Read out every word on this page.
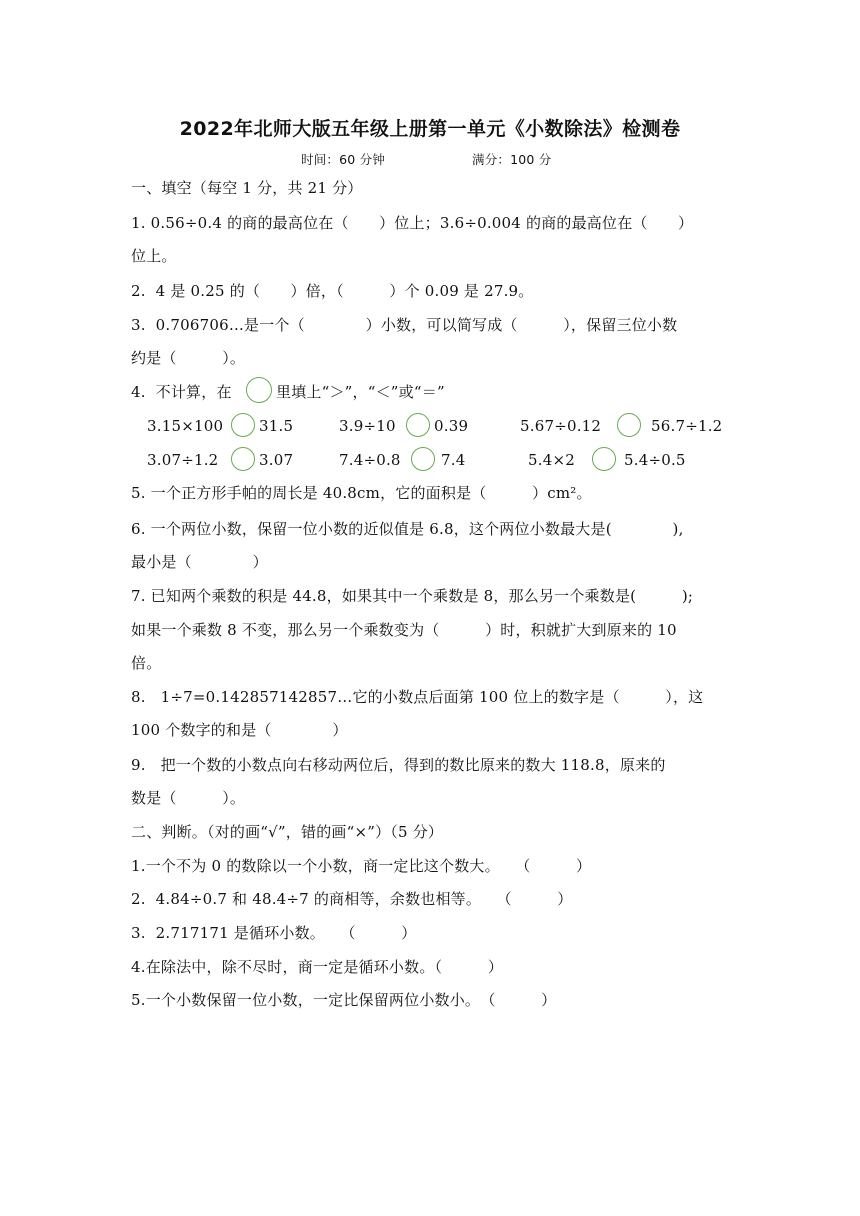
2022年北师大版五年级上册第一单元《小数除法》检测卷
时间：60 分钟	满分：100 分
一、填空（每空 1 分，共 21 分）
1. 0.56÷0.4 的商的最高位在（　　）位上；3.6÷0.004 的商的最高位在（　　）
位上。
2.  4 是 0.25 的（　　）倍，（　　　）个 0.09 是 27.9。
3.  0.706706…是一个（　　　　）小数，可以简写成（　　　），保留三位小数
约是（　　　）。
4.  不计算，在	里填上“＞”，“＜”或“＝”
3.15×100 31.5	3.9÷10	0.39	5.67÷0.12	56.7÷1.2
3.07÷1.2	3.07	7.4÷0.8	7.4	5.4×2	5.4÷0.5
5. 一个正方形手帕的周长是 40.8cm，它的面积是（　　　）cm²。
6. 一个两位小数，保留一位小数的近似值是 6.8，这个两位小数最大是(　　　　),
最小是（　　　　）
7. 已知两个乘数的积是 44.8，如果其中一个乘数是 8，那么另一个乘数是(　　　);
如果一个乘数 8 不变，那么另一个乘数变为（　　　）时，积就扩大到原来的 10
倍。
8.   1÷7=0.142857142857…它的小数点后面第 100 位上的数字是（　　　），这
100 个数字的和是（　　　　）
9.   把一个数的小数点向右移动两位后，得到的数比原来的数大 118.8，原来的
数是（　　　）。
二、判断。（对的画“√”，错的画“×”）（5 分）
1.一个不为 0 的数除以一个小数，商一定比这个数大。　　（　　　）
2.  4.84÷0.7 和 48.4÷7 的商相等，余数也相等。　　（　　　）
3.  2.717171 是循环小数。　　（　　　）
4.在除法中，除不尽时，商一定是循环小数。（　　　）
5.一个小数保留一位小数，一定比保留两位小数小。　（　　　）
